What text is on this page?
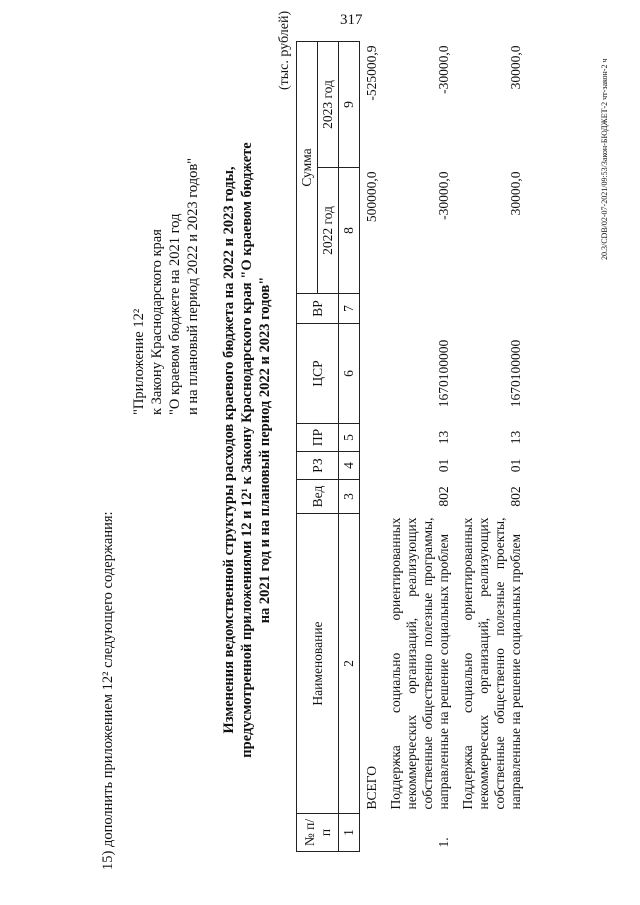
317
15) дополнить приложением 12² следующего содержания:
"Приложение 12² к Закону Краснодарского края "О краевом бюджете на 2021 год и на плановый период 2022 и 2023 годов" Изменения ведомственной структуры расходов краевого бюджета на 2022 и 2023 годы, предусмотренной приложениями 12 и 12¹ к Закону Краснодарского края "О краевом бюджете на 2021 год и на плановый период 2022 и 2023 годов"
(тыс. рублей)
№ п/п	Наименование	Вед	РЗ	ПР	ЦСР	ВР	Сумма	
							2022 год	2023 год
1	2	3	4	5	6	7	8	9
	ВСЕГО						500000,0	-525000,9
1.	Поддержка социально ориентированных некоммерческих организаций, реализующих собственные общественно полезные программы, направленные на решение социальных проблем	802	01	13	1670100000		-30000,0	-30000,0
	Поддержка социально ориентированных некоммерческих организаций, реализующих собственные общественно полезные проекты, направленные на решение социальных проблем	802	01	13	1670100000		30000,0	30000,0	20.3/CDB/02-07-2021/09:53/Закон-БЮДЖЕТ-2 чт-закон-2 ч
